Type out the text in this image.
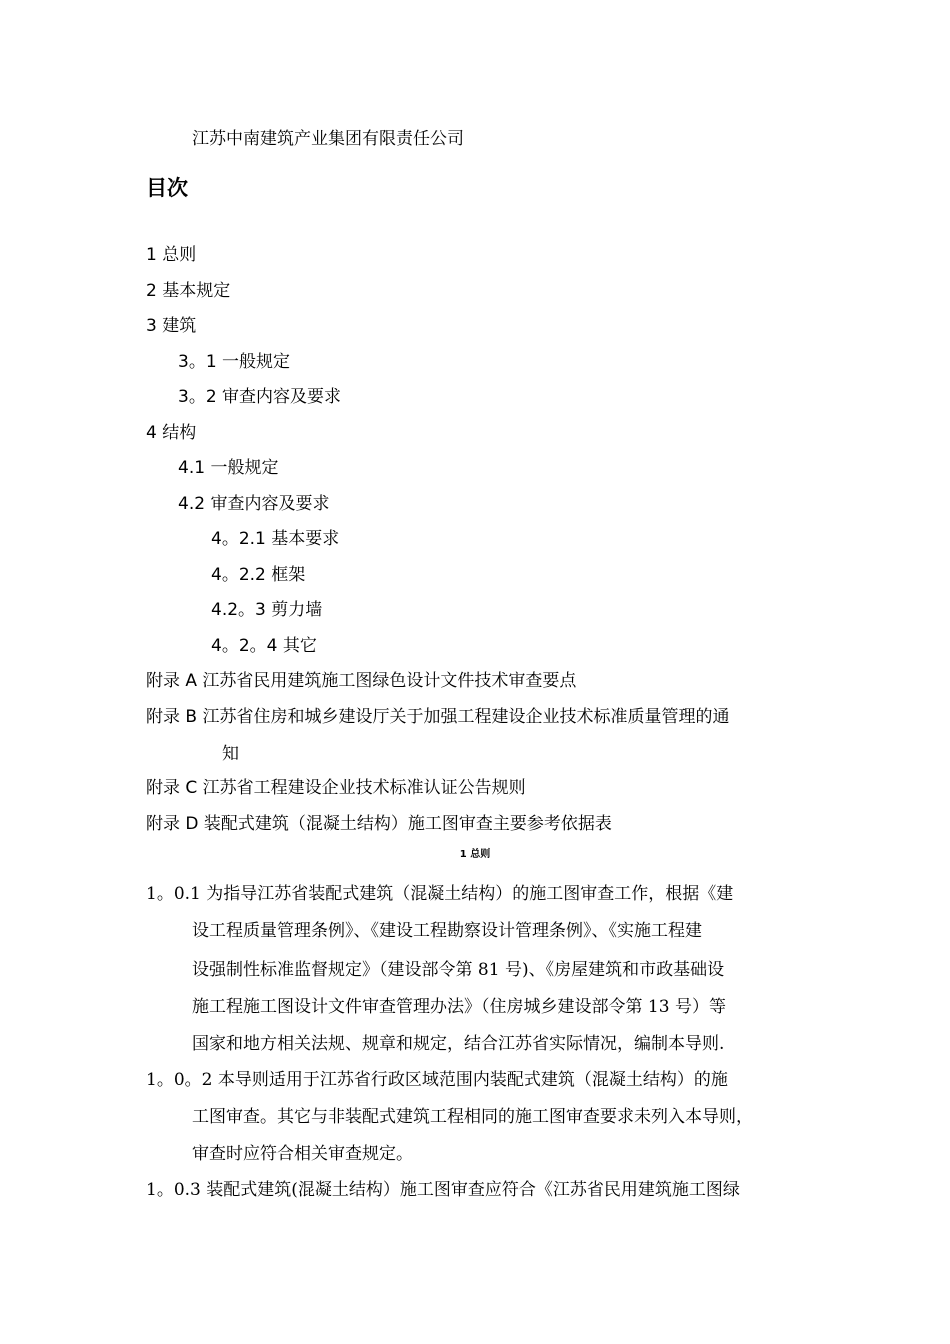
江苏中南建筑产业集团有限责任公司
目次
1 总则
2 基本规定
3 建筑
3。1 一般规定
3。2 审查内容及要求
4 结构
4.1 一般规定
4.2 审查内容及要求
4。2.1 基本要求
4。2.2 框架
4.2。3 剪力墙
4。2。4 其它
附录 A 江苏省民用建筑施工图绿色设计文件技术审查要点
附录 B 江苏省住房和城乡建设厅关于加强工程建设企业技术标准质量管理的通
知
附录 C 江苏省工程建设企业技术标准认证公告规则
附录 D 装配式建筑（混凝土结构）施工图审查主要参考依据表
1 总则
1。0.1 为指导江苏省装配式建筑（混凝土结构）的施工图审查工作，根据《建
设工程质量管理条例》、《建设工程勘察设计管理条例》、《实施工程建
设强制性标准监督规定》（建设部令第 81 号)、《房屋建筑和市政基础设
施工程施工图设计文件审查管理办法》（住房城乡建设部令第 13 号）等
国家和地方相关法规、规章和规定，结合江苏省实际情况，编制本导则.
1。0。2 本导则适用于江苏省行政区域范围内装配式建筑（混凝土结构）的施
工图审查。其它与非装配式建筑工程相同的施工图审查要求未列入本导则，
审查时应符合相关审查规定。
1。0.3 装配式建筑(混凝土结构）施工图审查应符合《江苏省民用建筑施工图绿
